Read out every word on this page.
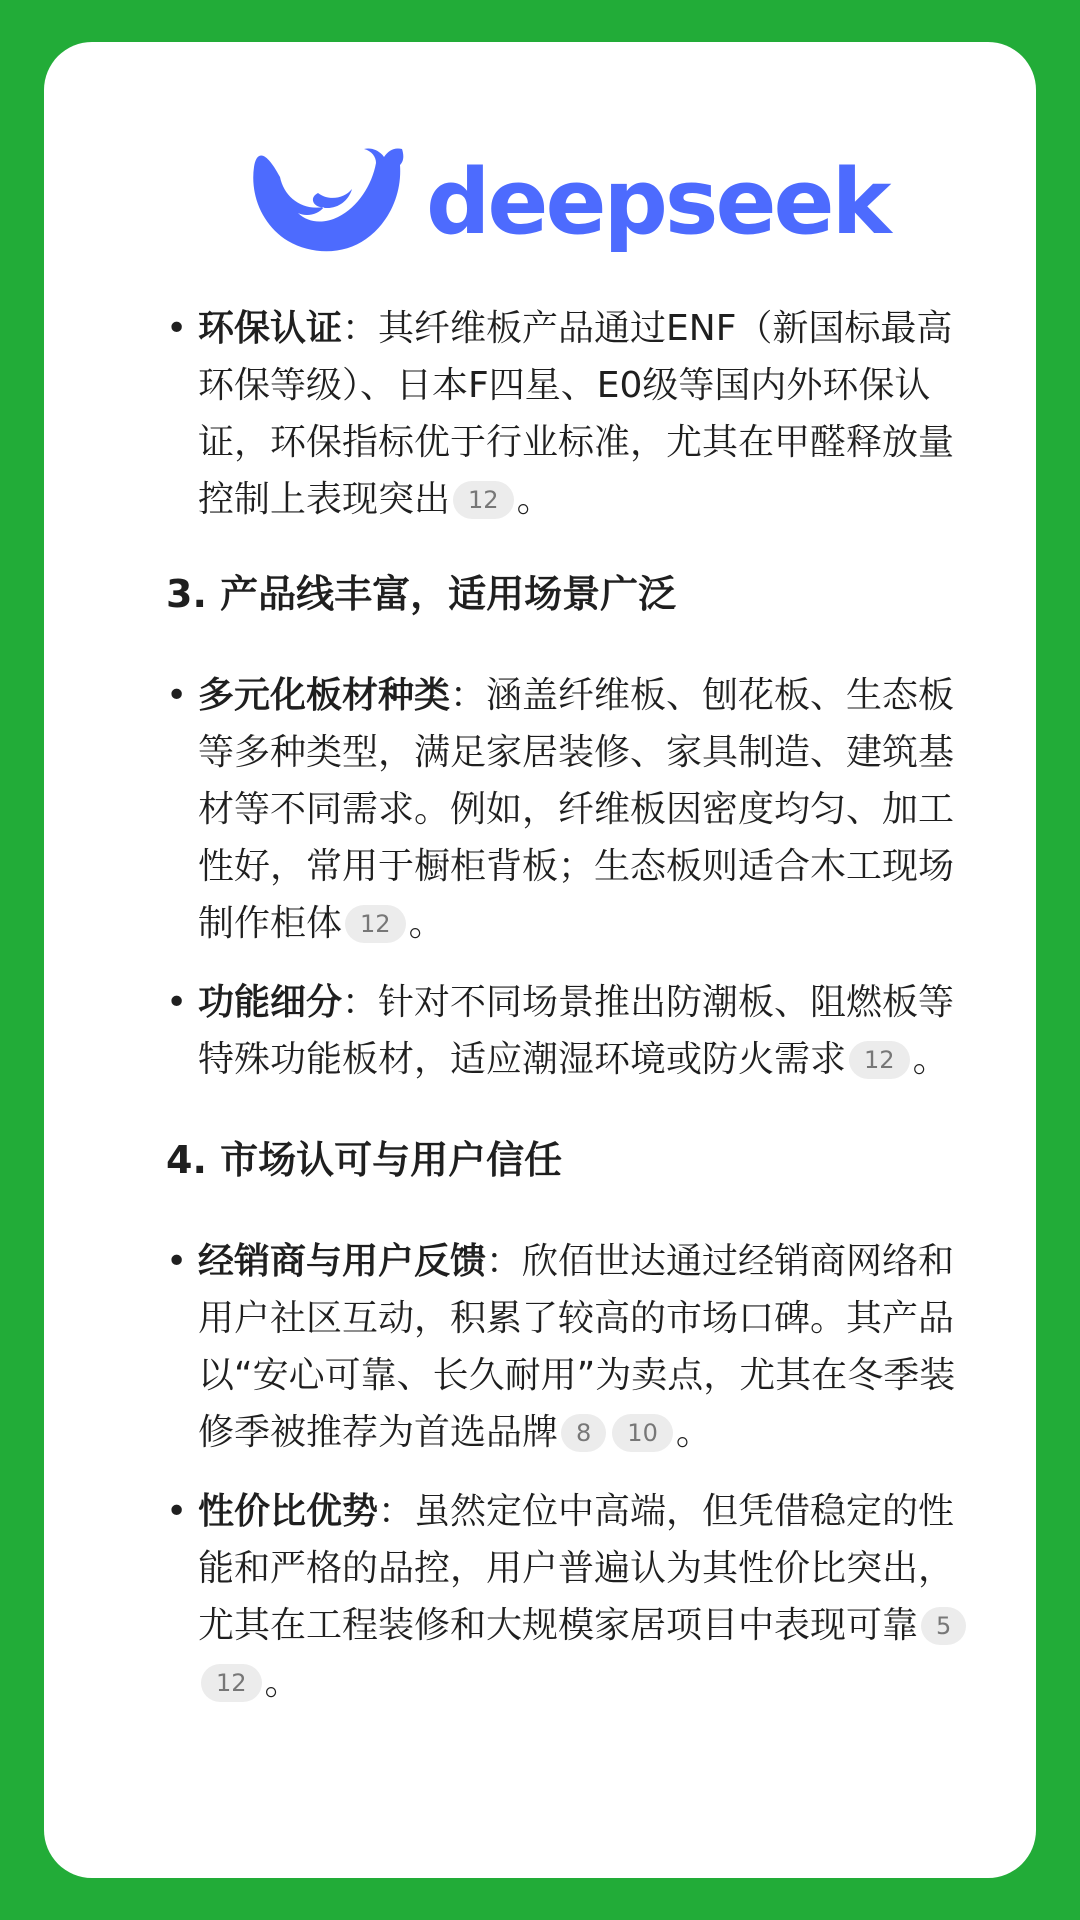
deepseek
• 环保认证：其纤维板产品通过ENF（新国标最高环保等级）、日本F四星、E0级等国内外环保认证，环保指标优于行业标准，尤其在甲醛释放量控制上表现突出 12 。
3. 产品线丰富，适用场景广泛
• 多元化板材种类：涵盖纤维板、刨花板、生态板等多种类型，满足家居装修、家具制造、建筑基材等不同需求。例如，纤维板因密度均匀、加工性好，常用于橱柜背板；生态板则适合木工现场制作柜体 12 。
• 功能细分：针对不同场景推出防潮板、阻燃板等特殊功能板材，适应潮湿环境或防火需求 12 。
4. 市场认可与用户信任
• 经销商与用户反馈：欣佰世达通过经销商网络和用户社区互动，积累了较高的市场口碑。其产品以“安心可靠、长久耐用”为卖点，尤其在冬季装修季被推荐为首选品牌 8 10 。
• 性价比优势：虽然定位中高端，但凭借稳定的性能和严格的品控，用户普遍认为其性价比突出，尤其在工程装修和大规模家居项目中表现可靠 512 。
